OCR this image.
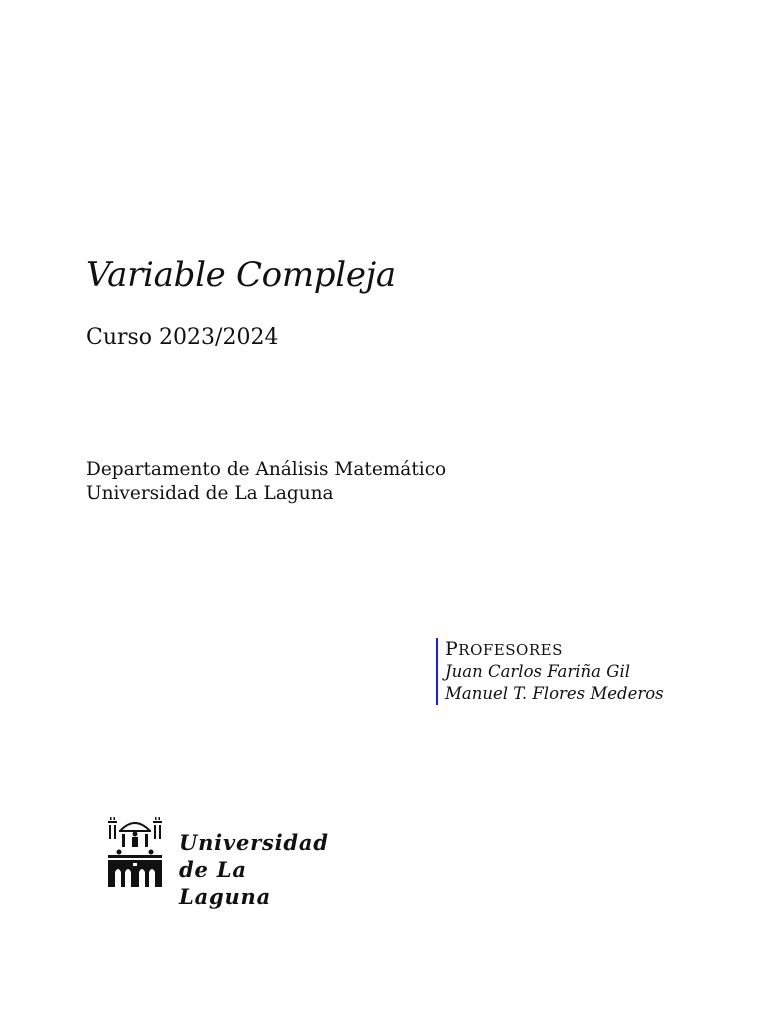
Variable Compleja
Curso 2023/2024
Departamento de Análisis Matemático
Universidad de La Laguna
PROFESORES
Juan Carlos Fariña Gil
Manuel T. Flores Mederos
Universidad
de La Laguna
